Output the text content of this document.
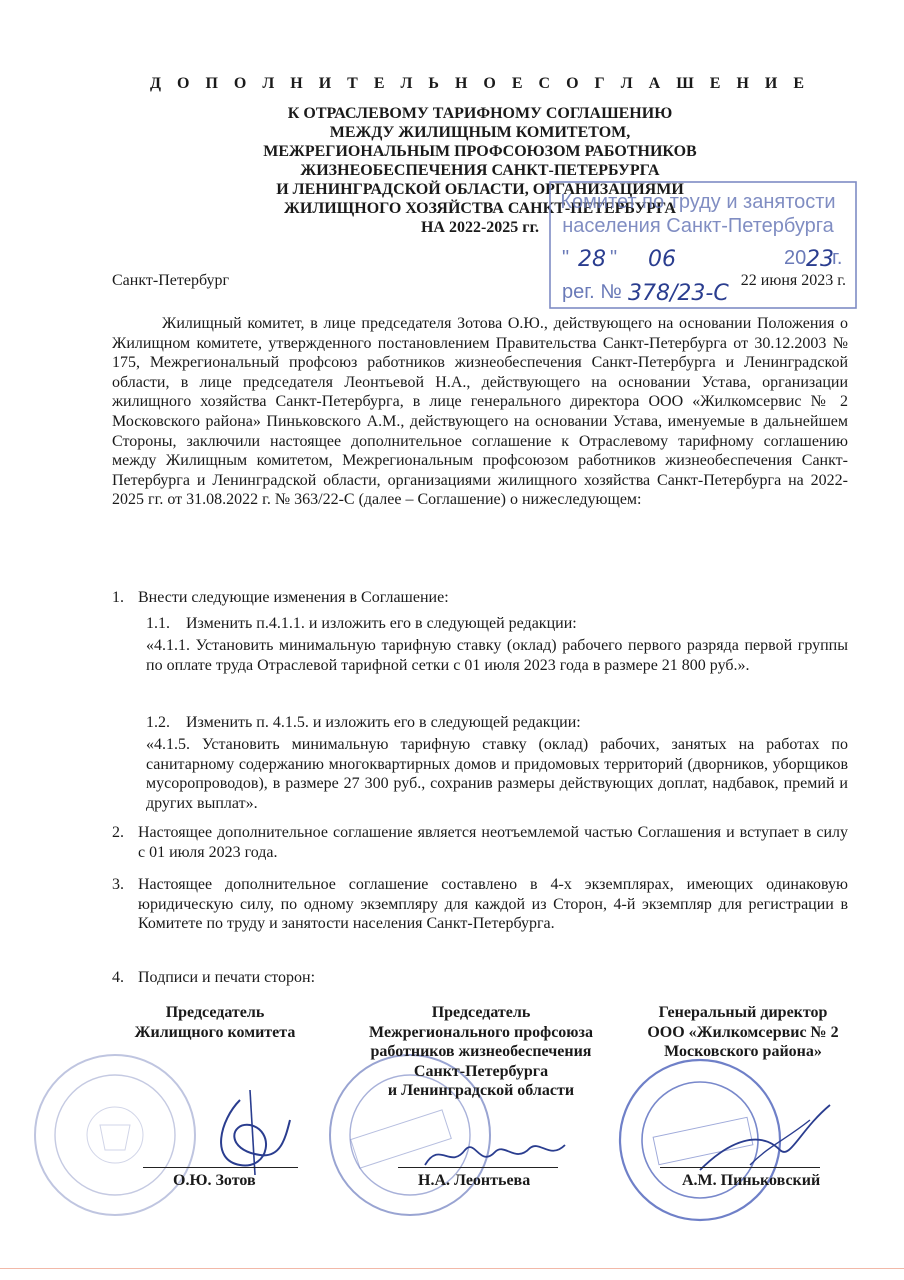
Д О П О Л Н И Т Е Л Ь Н О Е С О Г Л А Ш Е Н И Е
К ОТРАСЛЕВОМУ ТАРИФНОМУ СОГЛАШЕНИЮ
МЕЖДУ ЖИЛИЩНЫМ КОМИТЕТОМ,
МЕЖРЕГИОНАЛЬНЫМ ПРОФСОЮЗОМ РАБОТНИКОВ
ЖИЗНЕОБЕСПЕЧЕНИЯ САНКТ-ПЕТЕРБУРГА
И ЛЕНИНГРАДСКОЙ ОБЛАСТИ, ОРГАНИЗАЦИЯМИ
ЖИЛИЩНОГО ХОЗЯЙСТВА САНКТ-ПЕТЕРБУРГА
НА 2022-2025 гг.
Комитет по труду и занятости
населения Санкт-Петербурга
" 28 " 06	20 23
г.
рег. № 378/23-С
Санкт-Петербург	22 июня 2023 г.
Жилищный комитет, в лице председателя Зотова О.Ю., действующего на основании Положения о Жилищном комитете, утвержденного постановлением Правительства Санкт-Петербурга от 30.12.2003 № 175, Межрегиональный профсоюз работников жизнеобеспечения Санкт-Петербурга и Ленинградской области, в лице председателя Леонтьевой Н.А., действующего на основании Устава, организации жилищного хозяйства Санкт-Петербурга, в лице генерального директора ООО «Жилкомсервис № 2 Московского района» Пиньковского А.М., действующего на основании Устава, именуемые в дальнейшем Стороны, заключили настоящее дополнительное соглашение к Отраслевому тарифному соглашению между Жилищным комитетом, Межрегиональным профсоюзом работников жизнеобеспечения Санкт-Петербурга и Ленинградской области, организациями жилищного хозяйства Санкт-Петербурга на 2022-2025 гг. от 31.08.2022 г. № 363/22-С (далее – Соглашение) о нижеследующем:
1. Внести следующие изменения в Соглашение:
1.1. Изменить п.4.1.1. и изложить его в следующей редакции:
«4.1.1. Установить минимальную тарифную ставку (оклад) рабочего первого разряда первой группы по оплате труда Отраслевой тарифной сетки с 01 июля 2023 года в размере 21 800 руб.».
1.2. Изменить п. 4.1.5. и изложить его в следующей редакции:
«4.1.5. Установить минимальную тарифную ставку (оклад) рабочих, занятых на работах по санитарному содержанию многоквартирных домов и придомовых территорий (дворников, уборщиков мусоропроводов), в размере 27 300 руб., сохранив размеры действующих доплат, надбавок, премий и других выплат».
2. Настоящее дополнительное соглашение является неотъемлемой частью Соглашения и вступает в силу с 01 июля 2023 года.
3. Настоящее дополнительное соглашение составлено в 4-х экземплярах, имеющих одинаковую юридическую силу, по одному экземпляру для каждой из Сторон, 4-й экземпляр для регистрации в Комитете по труду и занятости населения Санкт-Петербурга.
4. Подписи и печати сторон:
Председатель
Жилищного комитета
Председатель
Межрегионального профсоюза
работников жизнеобеспечения
Санкт-Петербурга
и Ленинградской области
Генеральный директор
ООО «Жилкомсервис № 2
Московского района»
О.Ю. Зотов	Н.А. Леонтьева	А.М. Пиньковский
